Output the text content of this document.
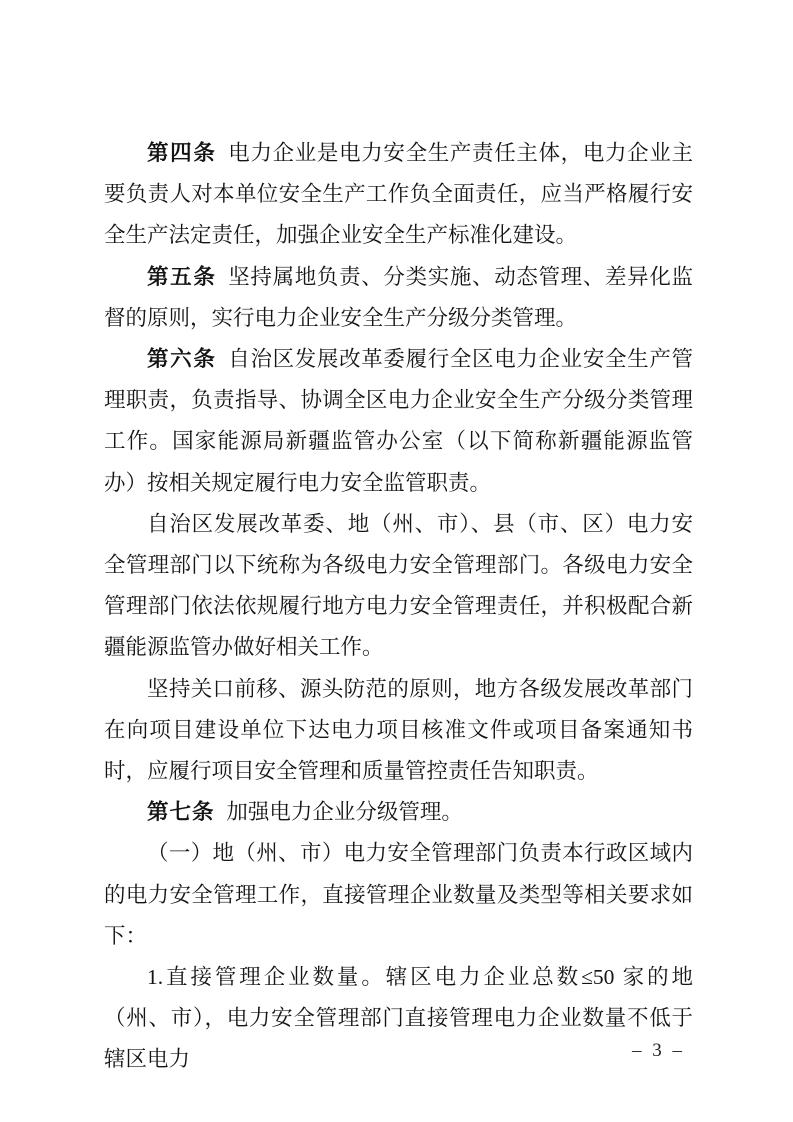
第四条 电力企业是电力安全生产责任主体，电力企业主要负责人对本单位安全生产工作负全面责任，应当严格履行安全生产法定责任，加强企业安全生产标准化建设。

第五条 坚持属地负责、分类实施、动态管理、差异化监督的原则，实行电力企业安全生产分级分类管理。

第六条 自治区发展改革委履行全区电力企业安全生产管理职责，负责指导、协调全区电力企业安全生产分级分类管理工作。国家能源局新疆监管办公室（以下简称新疆能源监管办）按相关规定履行电力安全监管职责。

自治区发展改革委、地（州、市）、县（市、区）电力安全管理部门以下统称为各级电力安全管理部门。各级电力安全管理部门依法依规履行地方电力安全管理责任，并积极配合新疆能源监管办做好相关工作。

坚持关口前移、源头防范的原则，地方各级发展改革部门在向项目建设单位下达电力项目核准文件或项目备案通知书时，应履行项目安全管理和质量管控责任告知职责。

第七条 加强电力企业分级管理。

（一）地（州、市）电力安全管理部门负责本行政区域内的电力安全管理工作，直接管理企业数量及类型等相关要求如下：

1.直接管理企业数量。辖区电力企业总数≤50 家的地（州、市），电力安全管理部门直接管理电力企业数量不低于辖区电力	– 3 –
